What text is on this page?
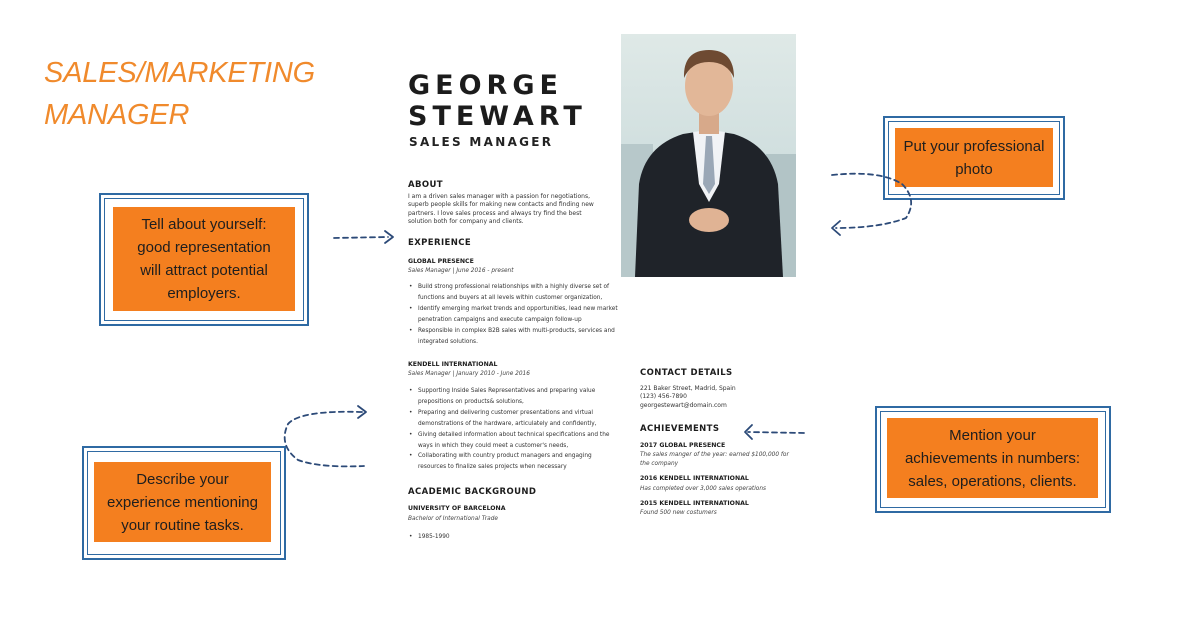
SALES/MARKETING
MANAGER
Tell about yourself:
good representation
will attract potential
employers.
Put your professional
photo
Describe your
experience mentioning
your routine tasks.
Mention your
achievements in numbers:
sales, operations, clients.
GEORGE
STEWART
SALES MANAGER
ABOUT
I am a driven sales manager with a passion for negotiations,
superb people skills for making new contacts and finding new
partners. I love sales process and always try find the best
solution both for company and clients.
EXPERIENCE
GLOBAL PRESENCE
Sales Manager | June 2016 - present
• Build strong professional relationships with a highly diverse set of
functions and buyers at all levels within customer organization,
• Identify emerging market trends and opportunities, lead new market
penetration campaigns and execute campaign follow-up
• Responsible in complex B2B sales with multi-products, services and
integrated solutions.
KENDELL INTERNATIONAL
Sales Manager | January 2010 - June 2016
• Supporting Inside Sales Representatives and preparing value
prepositions on products& solutions,
• Preparing and delivering customer presentations and virtual
demonstrations of the hardware, articulately and confidently,
• Giving detailed information about technical specifications and the
ways in which they could meet a customer's needs,
• Collaborating with country product managers and engaging
resources to finalize sales projects when necessary
ACADEMIC BACKGROUND
UNIVERSITY OF BARCELONA
Bachelor of International Trade
• 1985-1990
CONTACT DETAILS
221 Baker Street, Madrid, Spain
(123) 456-7890
georgestewart@domain.com
ACHIEVEMENTS
2017 GLOBAL PRESENCE
The sales manger of the year: earned $100,000 for
the company
2016 KENDELL INTERNATIONAL
Has completed over 3,000 sales operations
2015 KENDELL INTERNATIONAL
Found 500 new costumers
